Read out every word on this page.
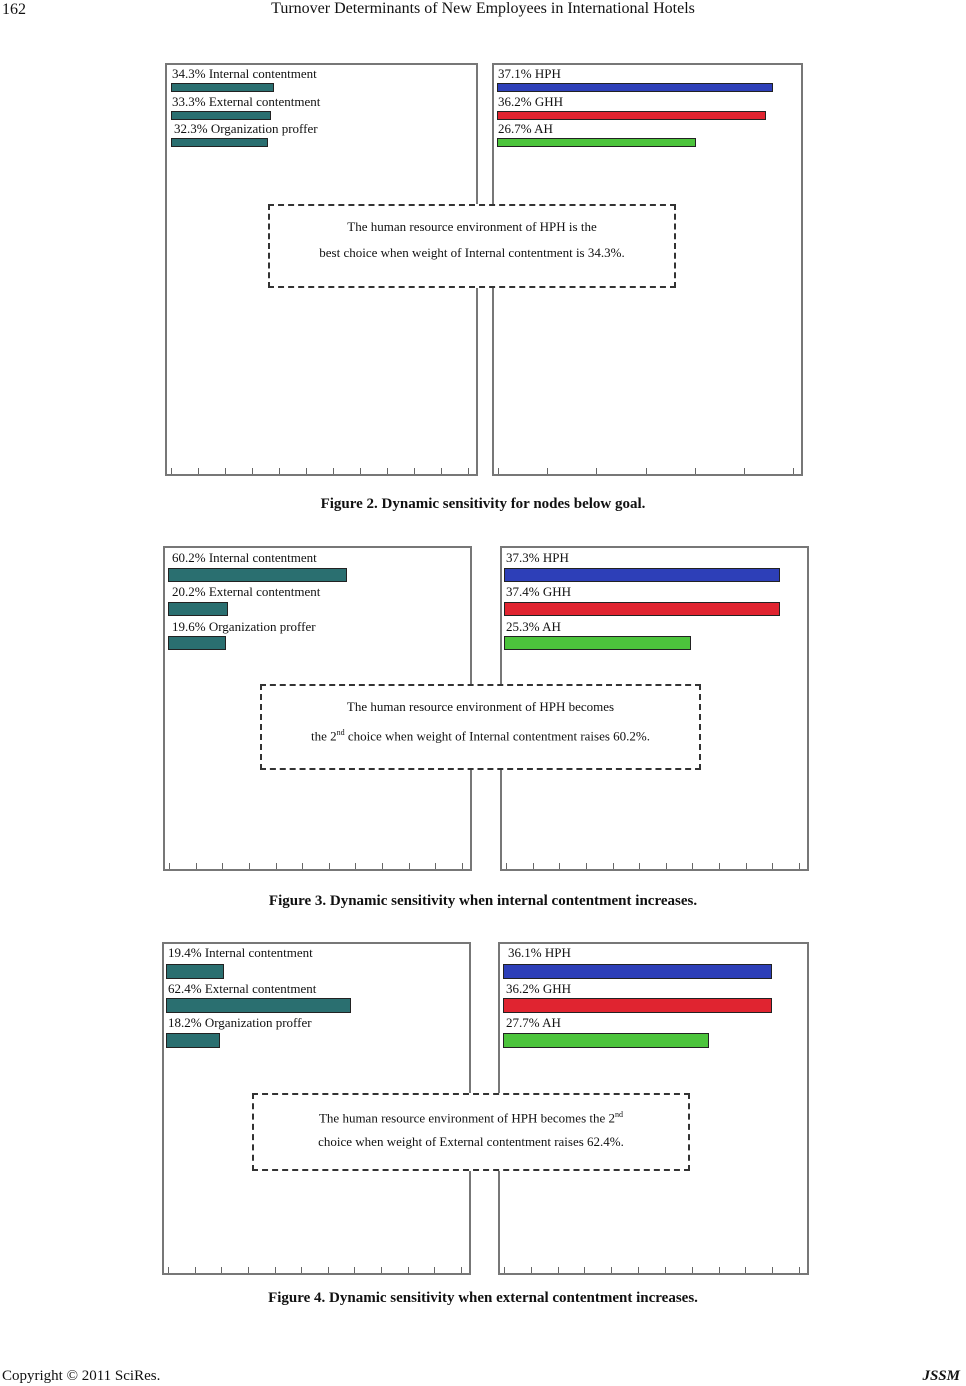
162	Turnover Determinants of New Employees in International Hotels
34.3% Internal contentment
33.3% External contentment
32.3% Organization proffer
37.1% HPH
36.2% GHH
26.7% AH
The human resource environment of HPH is the
best choice when weight of Internal contentment is 34.3%.
Figure 2. Dynamic sensitivity for nodes below goal.
60.2% Internal contentment
20.2% External contentment
19.6% Organization proffer
37.3% HPH
37.4% GHH
25.3% AH
The human resource environment of HPH becomes
the 2nd choice when weight of Internal contentment raises 60.2%.
Figure 3. Dynamic sensitivity when internal contentment increases.
19.4% Internal contentment
62.4% External contentment
18.2% Organization proffer
36.1% HPH
36.2% GHH
27.7% AH
The human resource environment of HPH becomes the 2nd
choice when weight of External contentment raises 62.4%.
Figure 4. Dynamic sensitivity when external contentment increases.
Copyright © 2011 SciRes.	JSSM
